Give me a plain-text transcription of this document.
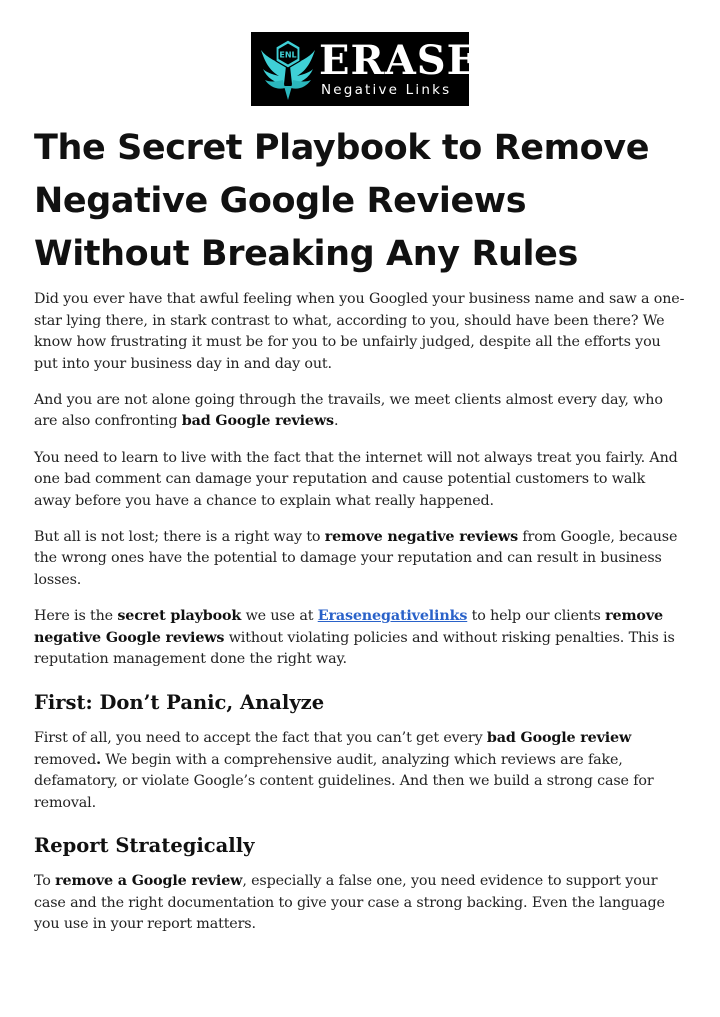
ENL ERASE
Negative Links
The Secret Playbook to Remove Negative Google Reviews Without Breaking Any Rules

Did you ever have that awful feeling when you Googled your business name and saw a one-star lying there, in stark contrast to what, according to you, should have been there? We know how frustrating it must be for you to be unfairly judged, despite all the efforts you put into your business day in and day out.

And you are not alone going through the travails, we meet clients almost every day, who are also confronting bad Google reviews.

You need to learn to live with the fact that the internet will not always treat you fairly. And one bad comment can damage your reputation and cause potential customers to walk away before you have a chance to explain what really happened.

But all is not lost; there is a right way to remove negative reviews from Google, because the wrong ones have the potential to damage your reputation and can result in business losses.

Here is the secret playbook we use at Erasenegativelinks to help our clients remove negative Google reviews without violating policies and without risking penalties. This is reputation management done the right way.

First: Don’t Panic, Analyze

First of all, you need to accept the fact that you can’t get every bad Google review removed. We begin with a comprehensive audit, analyzing which reviews are fake, defamatory, or violate Google’s content guidelines. And then we build a strong case for removal.

Report Strategically

To remove a Google review, especially a false one, you need evidence to support your case and the right documentation to give your case a strong backing. Even the language you use in your report matters.
